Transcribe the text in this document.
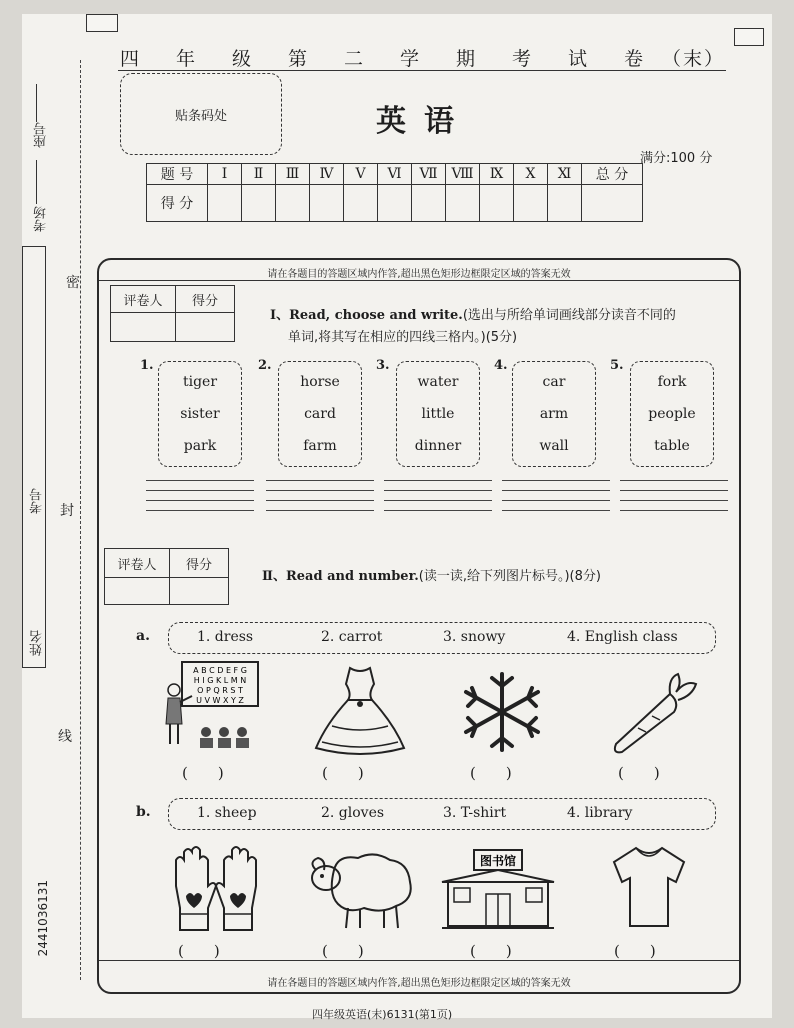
座号
考场
考号
姓名
密
封
线
2441036131
四 年 级 第 二 学 期 考 试 卷 （末）
贴条码处	英语
满分:100 分
题 号	Ⅰ	Ⅱ	Ⅲ	Ⅳ	Ⅴ	Ⅵ	Ⅶ	Ⅷ	Ⅸ	Ⅹ	Ⅺ	总 分
得 分												
请在各题目的答题区域内作答,超出黑色矩形边框限定区域的答案无效
请在各题目的答题区域内作答,超出黑色矩形边框限定区域的答案无效
评卷人	得分

Ⅰ、Read, choose and write.(选出与所给单词画线部分读音不同的
单词,将其写在相应的四线三格内。)(5分)
1.
tiger
sister
park
2.
horse
card
farm
3.
water
little
dinner
4.
car
arm
wall
5.
fork
people
table
评卷人	得分

Ⅱ、Read and number.(读一读,给下列图片标号。)(8分)
a.	1. dress	2. carrot	3. snowy	4. English class
A B C D E F G
H I G K L M N
O P Q R S T
U V W X Y Z
(　　)	(　　)	(　　)	(　　)
b.	1. sheep	2. gloves	3. T-shirt	4. library
图书馆
(　　)	(　　)	(　　)	(　　)
四年级英语(末)6131(第1页)
